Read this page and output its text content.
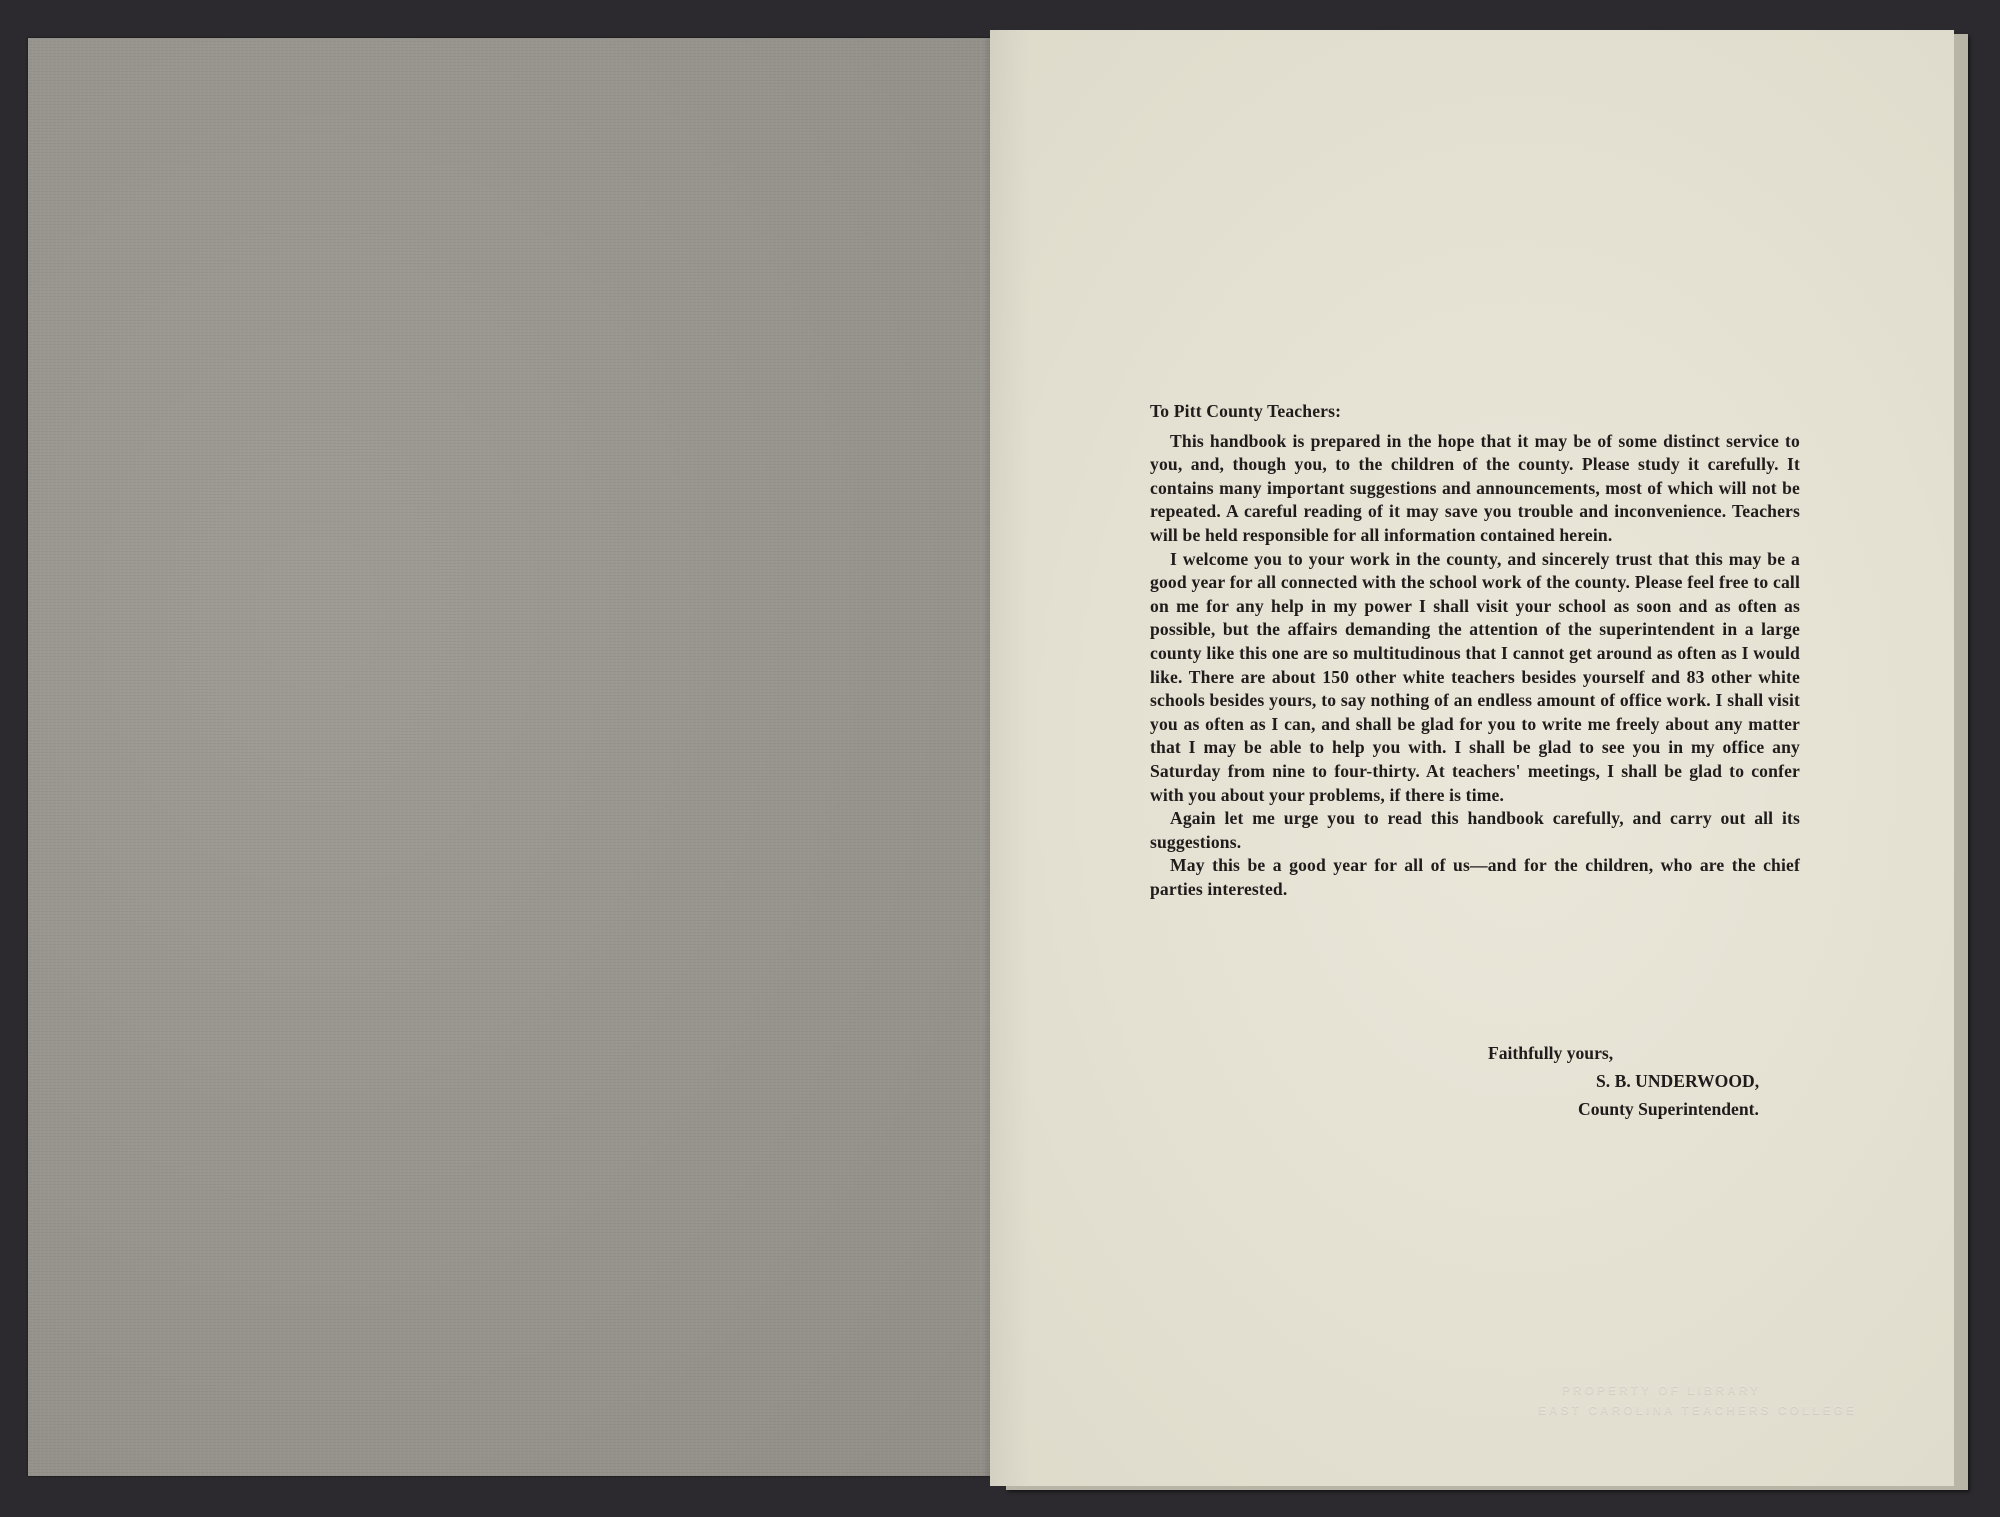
To Pitt County Teachers:

This handbook is prepared in the hope that it may be of some distinct service to you, and, though you, to the children of the county. Please study it carefully. It contains many important suggestions and announcements, most of which will not be repeated. A careful reading of it may save you trouble and inconvenience. Teachers will be held responsible for all information contained herein.

I welcome you to your work in the county, and sincerely trust that this may be a good year for all connected with the school work of the county. Please feel free to call on me for any help in my power I shall visit your school as soon and as often as possible, but the affairs demanding the attention of the superintendent in a large county like this one are so multitudinous that I cannot get around as often as I would like. There are about 150 other white teachers besides yourself and 83 other white schools besides yours, to say nothing of an endless amount of office work. I shall visit you as often as I can, and shall be glad for you to write me freely about any matter that I may be able to help you with. I shall be glad to see you in my office any Saturday from nine to four-thirty. At teachers' meetings, I shall be glad to confer with you about your problems, if there is time.

Again let me urge you to read this handbook carefully, and carry out all its suggestions.

May this be a good year for all of us—and for the children, who are the chief parties interested.

Faithfully yours,
S. B. UNDERWOOD,
County Superintendent.
PROPERTY OF LIBRARY
EAST CAROLINA TEACHERS COLLEGE
